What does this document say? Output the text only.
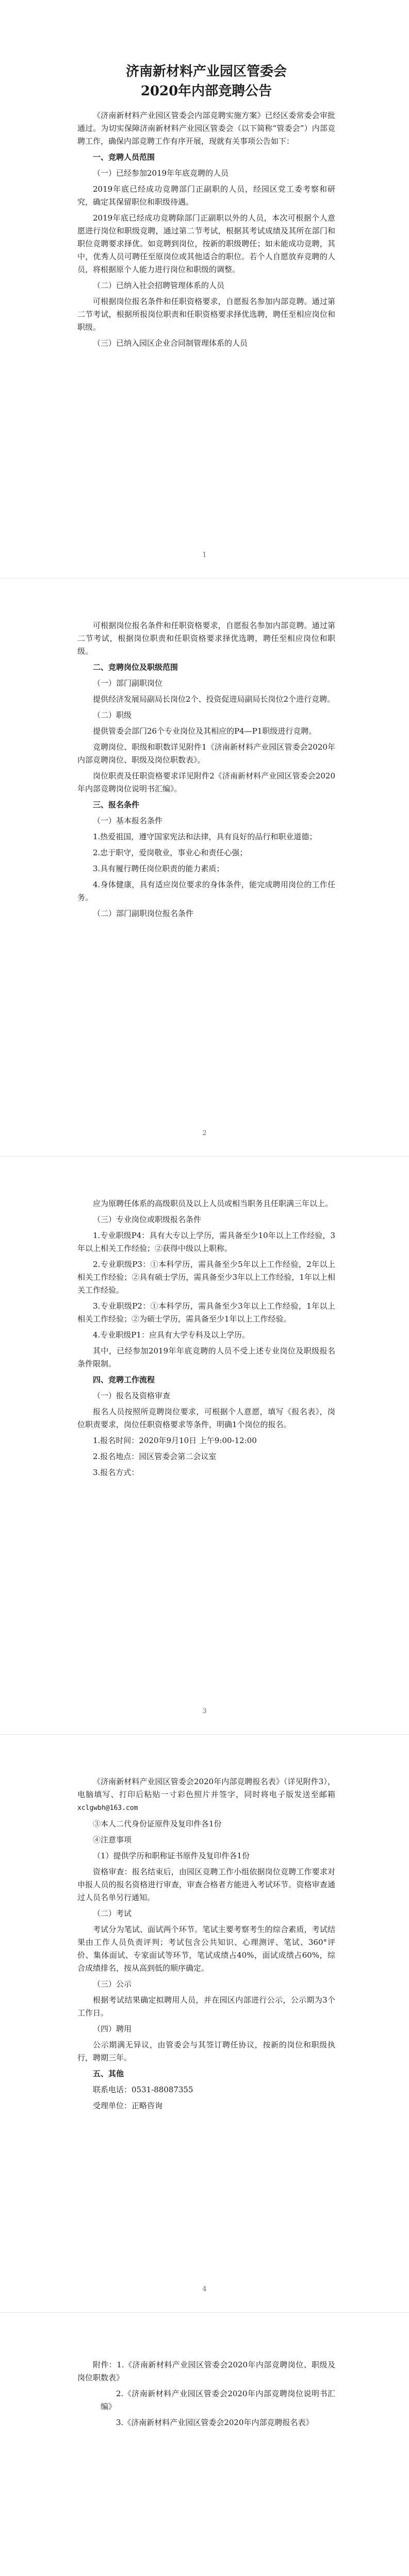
济南新材料产业园区管委会
2020年内部竞聘公告

《济南新材料产业园区管委会内部竞聘实施方案》已经区委常委会审批通过。为切实保障济南新材料产业园区管委会（以下简称“管委会”）内部竞聘工作，确保内部竞聘工作有序开展，现就有关事项公告如下：

一、竞聘人员范围

（一）已经参加2019年年底竞聘的人员

2019年底已经成功竞聘部门正副职的人员，经园区党工委考察和研究，确定其保留职位和职级待遇。

2019年底已经成功竞聘除部门正副职以外的人员，本次可根据个人意愿进行岗位和职级竞聘，通过第二节考试，根据其考试成绩及其所在部门和职位竞聘要求择优。如竞聘到岗位，按新的职级聘任；如未能成功竞聘，其中，优秀人员可聘任至原岗位或其他适合的职位。若个人自愿放弃竞聘的人员，将根据原个人能力进行岗位和职级的调整。

（二）已纳入社会招聘管理体系的人员

可根据岗位报名条件和任职资格要求，自愿报名参加内部竞聘。通过第二节考试，根据所报岗位职责和任职资格要求择优选聘，聘任至相应岗位和职级。

（三）已纳入园区企业合同制管理体系的人员

1

可根据岗位报名条件和任职资格要求，自愿报名参加内部竞聘。通过第二节考试，根据岗位职责和任职资格要求择优选聘，聘任至相应岗位和职级。

二、竞聘岗位及职级范围

（一）部门副职岗位

提供经济发展局副局长岗位2个、投资促进局副局长岗位2个进行竞聘。

（二）职级

提供管委会部门26个专业岗位及其相应的P4—P1职级进行竞聘。

竞聘岗位、职级和职数详见附件1《济南新材料产业园区管委会2020年内部竞聘岗位、职级及岗位职数表》。

岗位职责及任职资格要求详见附件2《济南新材料产业园区管委会2020年内部竞聘岗位说明书汇编》。

三、报名条件

（一）基本报名条件

1.热爱祖国，遵守国家宪法和法律，具有良好的品行和职业道德；

2.忠于职守，爱岗敬业，事业心和责任心强；

3.具有履行聘任岗位职责的能力素质；

4.身体健康，具有适应岗位要求的身体条件，能完成聘用岗位的工作任务。

（二）部门副职岗位报名条件

2

应为原聘任体系的高级职员及以上人员或相当职务且任职满三年以上。

（三）专业岗位或职级报名条件

1.专业职级P4：具有大专以上学历，需具备至少10年以上工作经验，3年以上相关工作经验；②获得中级以上职称。

2.专业职级P3：①本科学历，需具备至少5年以上工作经验，2年以上相关工作经验；②具有硕士学历，需具备至少3年以上工作经验，1年以上相关工作经验。

3.专业职级P2：①本科学历，需具备至少3年以上工作经验，1年以上相关工作经验；②为硕士学历，需具备至少1年以上工作经验。

4.专业职级P1：应具有大学专科及以上学历。

其中，已经参加2019年年底竞聘的人员不受上述专业岗位及职级报名条件限制。

四、竞聘工作流程

（一）报名及资格审查

报名人员按照所竞聘岗位要求，可根据个人意愿，填写《报名表》，岗位职责要求，岗位任职资格要求等条件，明确1个岗位的报名。

1.报名时间：2020年9月10日 上午9:00-12:00

2.报名地点：园区管委会第二会议室

3.报名方式：

3

《济南新材料产业园区管委会2020年内部竞聘报名表》（详见附件3），电脑填写、打印后粘贴一寸彩色照片并签字，同时将电子版发送至邮箱 xclgwbh@163.com

③本人二代身份证原件及复印件各1份

④注意事项

（1）提供学历和职称证书原件及复印件各1份

资格审查：报名结束后，由园区竞聘工作小组依据岗位竞聘工作要求对申报人员的报名资格进行审查，审查合格者方能进入考试环节。资格审查通过人员名单另行通知。

（二）考试

考试分为笔试、面试两个环节。笔试主要考察考生的综合素质，考试结果由工作人员负责评判；考试包含公共知识、心理测评、笔试、360°评价、集体面试、专家面试等环节，笔试成绩占40%，面试成绩占60%，综合成绩排名，按从高到低的顺序确定。

（三）公示

根据考试结果确定拟聘用人员，并在园区内部进行公示，公示期为3个工作日。

（四）聘用

公示期满无异议，由管委会与其签订聘任协议，按新的岗位和职级执行，聘期三年。

五、其他

联系电话：0531-88087355

受理单位：正略咨询

4

附件：1.《济南新材料产业园区管委会2020年内部竞聘岗位、职级及岗位职数表》

2.《济南新材料产业园区管委会2020年内部竞聘岗位说明书汇编》

3.《济南新材料产业园区管委会2020年内部竞聘报名表》
